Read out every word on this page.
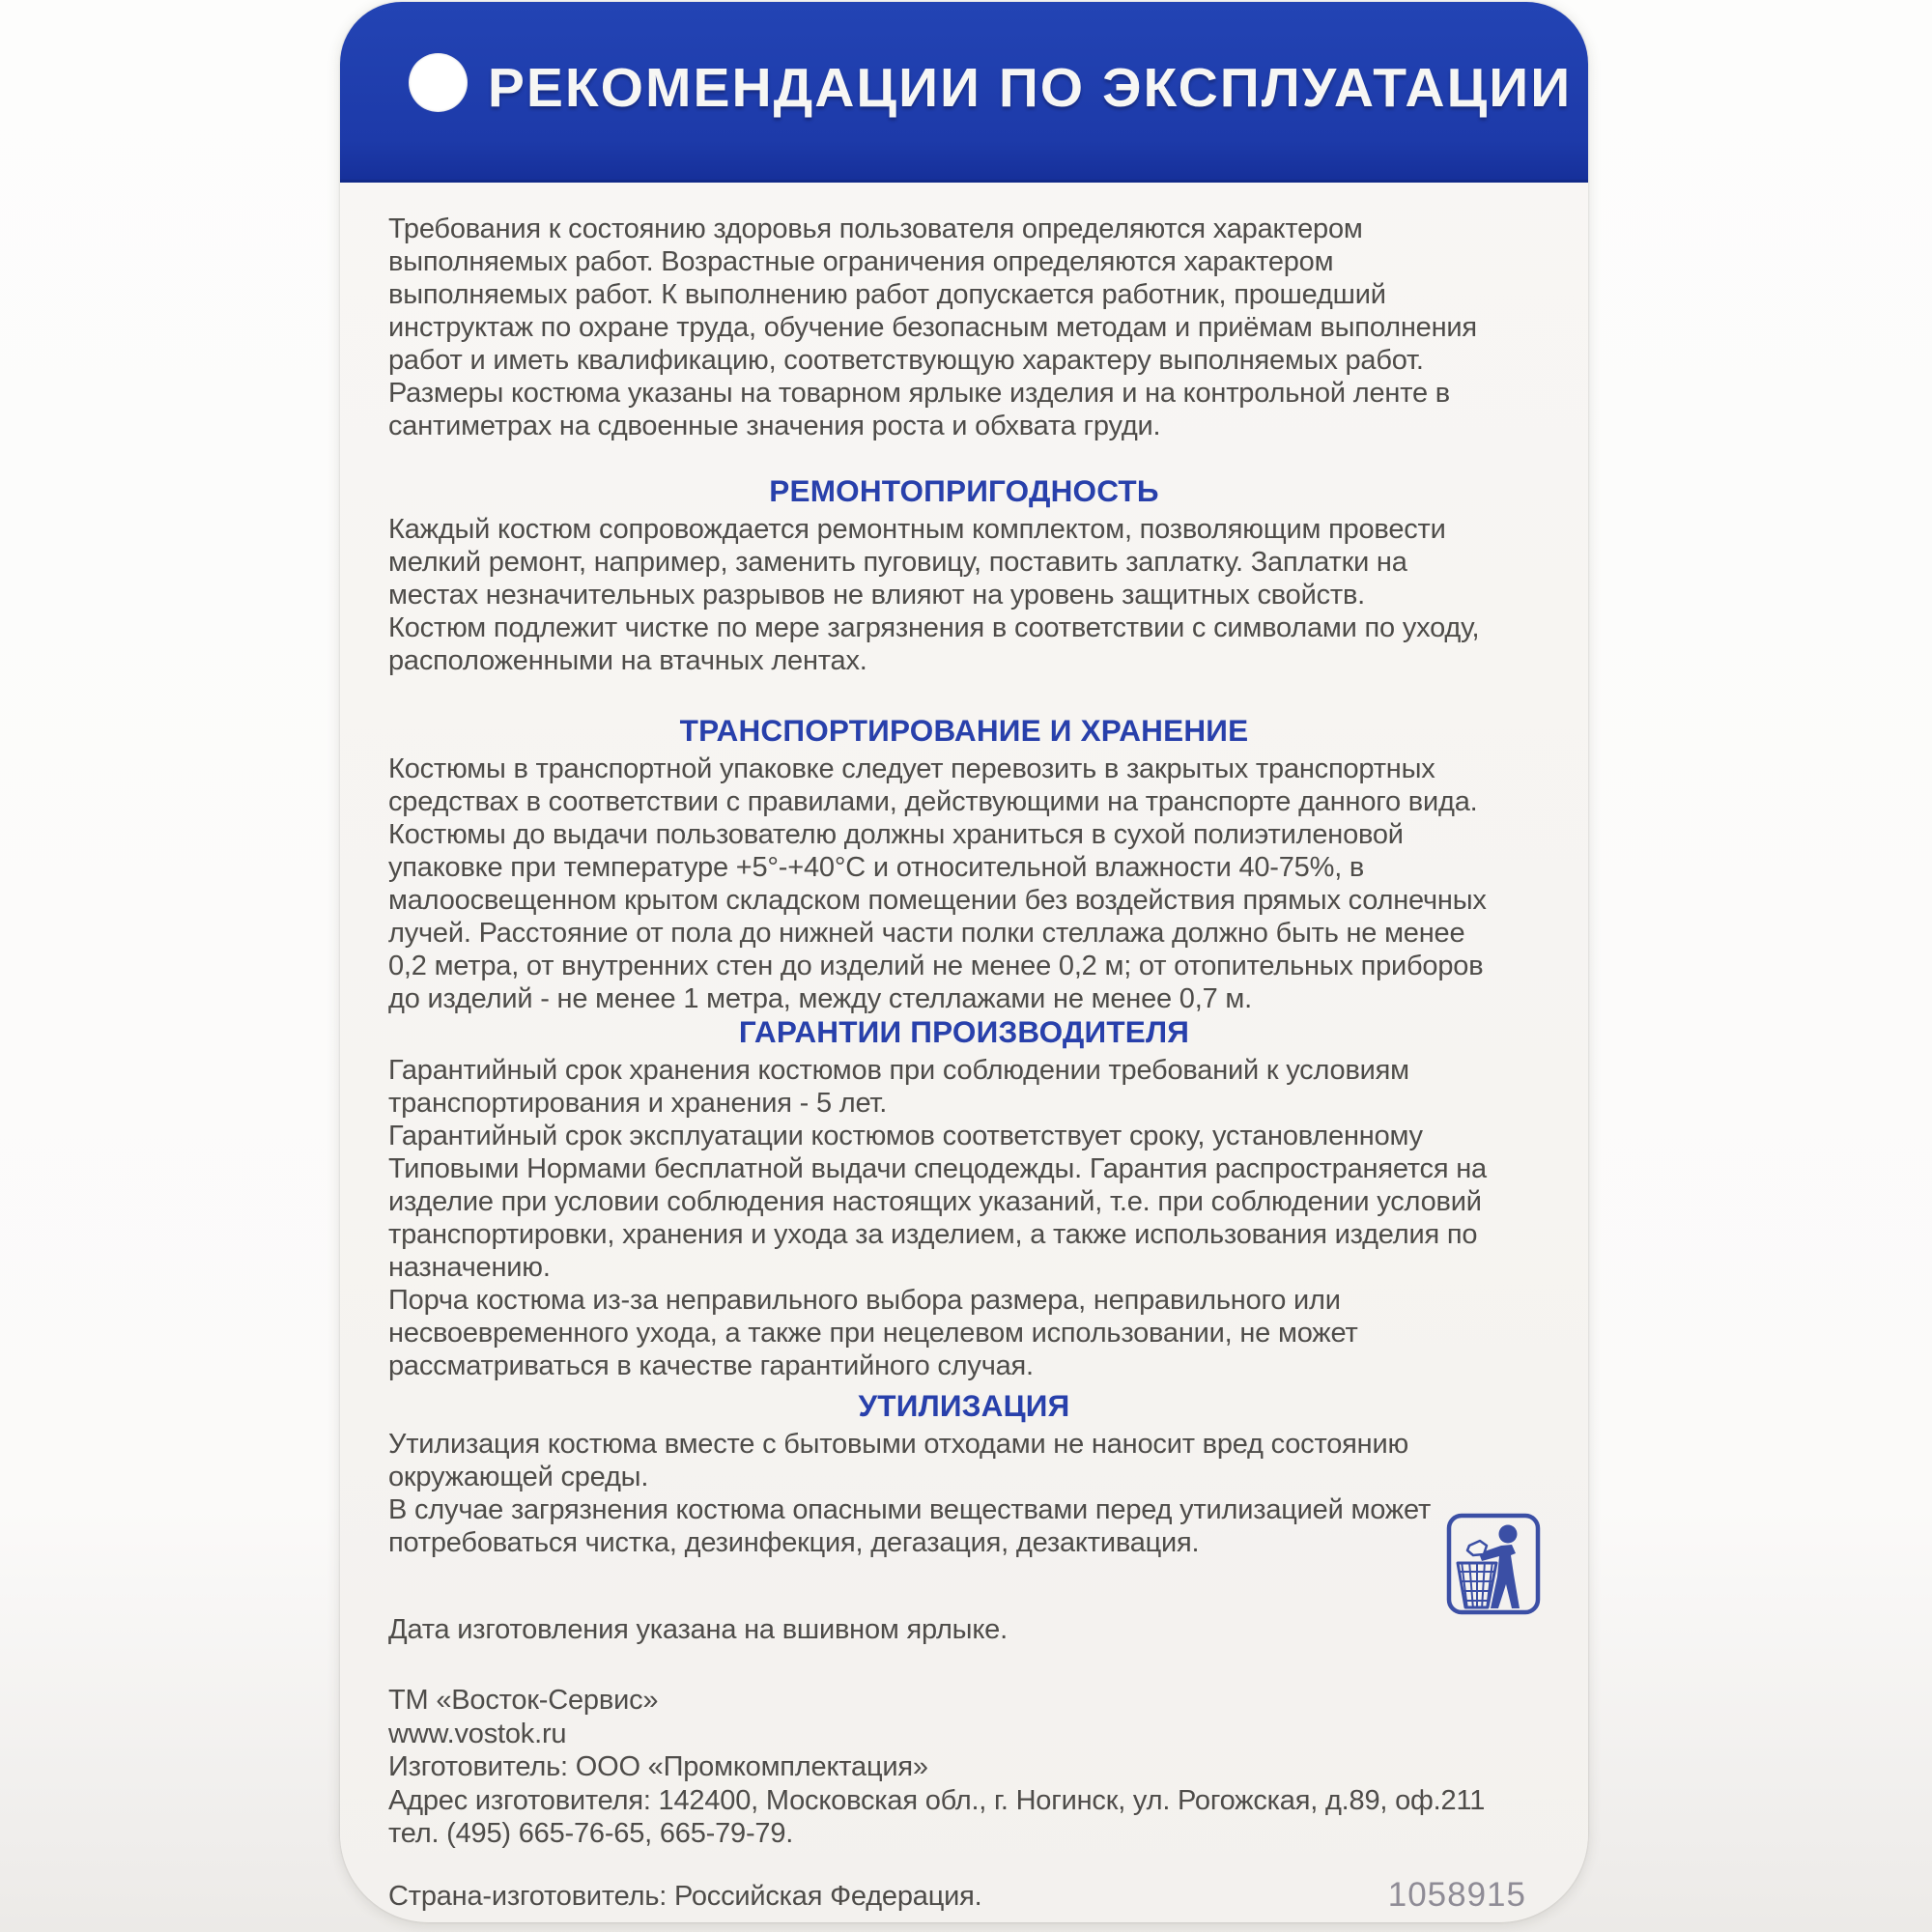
РЕКОМЕНДАЦИИ ПО ЭКСПЛУАТАЦИИ
Требования к состоянию здоровья пользователя определяются характером
выполняемых работ. Возрастные ограничения определяются характером
выполняемых работ. К выполнению работ допускается работник, прошедший
инструктаж по охране труда, обучение безопасным методам и приёмам выполнения
работ и иметь квалификацию, соответствующую характеру выполняемых работ.
Размеры костюма указаны на товарном ярлыке изделия и на контрольной ленте в
сантиметрах на сдвоенные значения роста и обхвата груди.
РЕМОНТОПРИГОДНОСТЬ
Каждый костюм сопровождается ремонтным комплектом, позволяющим провести
мелкий ремонт, например, заменить пуговицу, поставить заплатку. Заплатки на
местах незначительных разрывов не влияют на уровень защитных свойств.
Костюм подлежит чистке по мере загрязнения в соответствии с символами по уходу,
расположенными на втачных лентах.
ТРАНСПОРТИРОВАНИЕ И ХРАНЕНИЕ
Костюмы в транспортной упаковке следует перевозить в закрытых транспортных
средствах в соответствии с правилами, действующими на транспорте данного вида.
Костюмы до выдачи пользователю должны храниться в сухой полиэтиленовой
упаковке при температуре +5°-+40°С и относительной влажности 40-75%, в
малоосвещенном крытом складском помещении без воздействия прямых солнечных
лучей. Расстояние от пола до нижней части полки стеллажа должно быть не менее
0,2 метра, от внутренних стен до изделий не менее 0,2 м; от отопительных приборов
до изделий - не менее 1 метра, между стеллажами не менее 0,7 м.
ГАРАНТИИ ПРОИЗВОДИТЕЛЯ
Гарантийный срок хранения костюмов при соблюдении требований к условиям
транспортирования и хранения - 5 лет.
Гарантийный срок эксплуатации костюмов соответствует сроку, установленному
Типовыми Нормами бесплатной выдачи спецодежды. Гарантия распространяется на
изделие при условии соблюдения настоящих указаний, т.е. при соблюдении условий
транспортировки, хранения и ухода за изделием, а также использования изделия по
назначению.
Порча костюма из-за неправильного выбора размера, неправильного или
несвоевременного ухода, а также при нецелевом использовании, не может
рассматриваться в качестве гарантийного случая.
УТИЛИЗАЦИЯ
Утилизация костюма вместе с бытовыми отходами не наносит вред состоянию
окружающей среды.
В случае загрязнения костюма опасными веществами перед утилизацией может
потребоваться чистка, дезинфекция, дегазация, дезактивация.
Дата изготовления указана на вшивном ярлыке.
ТМ «Восток-Сервис»
www.vostok.ru
Изготовитель: ООО «Промкомплектация»
Адрес изготовителя: 142400, Московская обл., г. Ногинск, ул. Рогожская, д.89, оф.211
тел. (495) 665-76-65, 665-79-79.
Страна-изготовитель: Российская Федерация.	1058915
